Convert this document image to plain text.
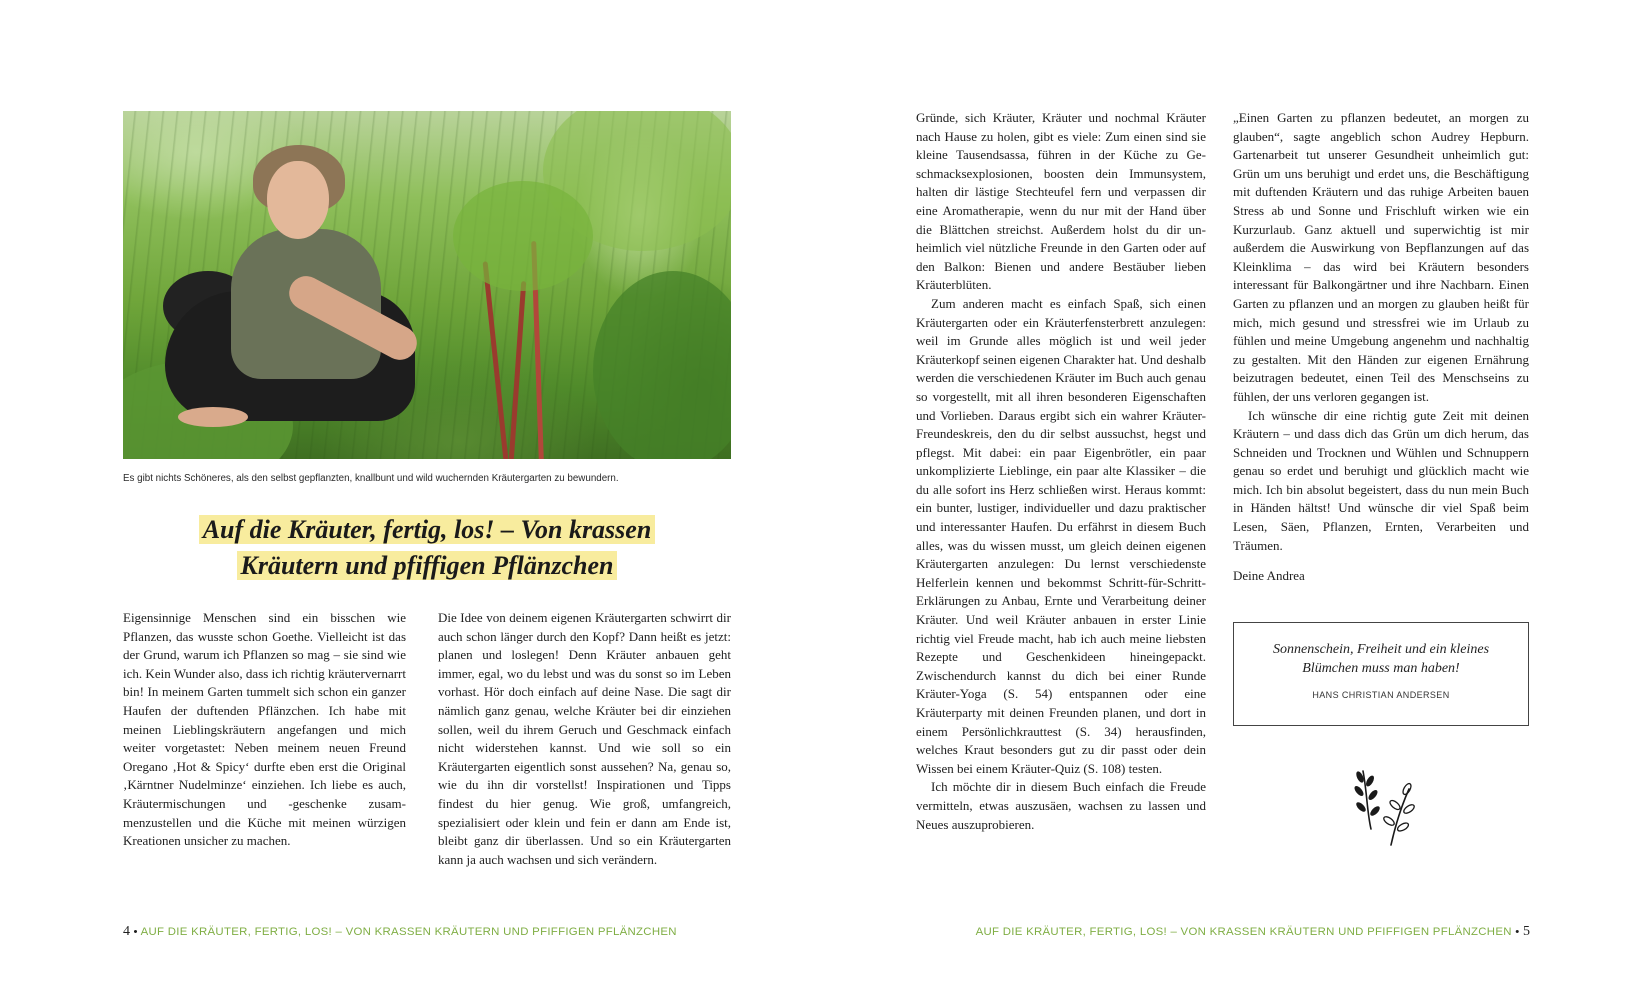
Es gibt nichts Schöneres, als den selbst gepflanzten, knallbunt und wild wuchernden Kräutergarten zu bewundern.
Auf die Kräuter, fertig, los! – Von krassen
Kräutern und pfiffigen Pflänzchen

Eigensinnige Menschen sind ein bisschen wie Pflanzen, das wusste schon Goethe. Vielleicht ist das der Grund, warum ich Pflanzen so mag – sie sind wie ich. Kein Wunder also, dass ich richtig kräutervernarrt bin! In meinem Garten tummelt sich schon ein ganzer Haufen der duftenden Pflänzchen. Ich habe mit meinen Lieblingskräutern angefangen und mich weiter vorgetastet: Neben meinem neuen Freund Oregano ‚Hot & Spicy‘ durfte eben erst die Original ‚Kärntner Nudelminze‘ einziehen. Ich liebe es auch, Kräutermischungen und -geschenke zusammenzustellen und die Küche mit meinen würzigen Kreationen unsicher zu machen.

Die Idee von deinem eigenen Kräutergarten schwirrt dir auch schon länger durch den Kopf? Dann heißt es jetzt: planen und loslegen! Denn Kräuter anbauen geht immer, egal, wo du lebst und was du sonst so im Leben vorhast. Hör doch einfach auf deine Nase. Die sagt dir nämlich ganz genau, welche Kräuter bei dir einziehen sollen, weil du ihrem Geruch und Geschmack einfach nicht widerstehen kannst. Und wie soll so ein Kräutergarten eigentlich sonst aussehen? Na, genau so, wie du ihn dir vorstellst! Inspirationen und Tipps findest du hier genug. Wie groß, umfangreich, spezialisiert oder klein und fein er dann am Ende ist, bleibt ganz dir überlassen. Und so ein Kräutergarten kann ja auch wachsen und sich verändern.

4 • AUF DIE KRÄUTER, FERTIG, LOS! – VON KRASSEN KRÄUTERN UND PFIFFIGEN PFLÄNZCHEN

Gründe, sich Kräuter, Kräuter und nochmal Kräuter nach Hause zu holen, gibt es viele: Zum einen sind sie kleine Tausendsassa, führen in der Küche zu Geschmacksexplosionen, boosten dein Immunsystem, halten dir lästige Stechteufel fern und verpassen dir eine Aromatherapie, wenn du nur mit der Hand über die Blättchen streichst. Außerdem holst du dir unheimlich viel nützliche Freunde in den Garten oder auf den Balkon: Bienen und andere Bestäuber lieben Kräuterblüten.

Zum anderen macht es einfach Spaß, sich einen Kräutergarten oder ein Kräuterfensterbrett anzulegen: weil im Grunde alles möglich ist und weil jeder Kräuterkopf seinen eigenen Charakter hat. Und deshalb werden die verschiedenen Kräuter im Buch auch genau so vorgestellt, mit all ihren besonderen Eigenschaften und Vorlieben. Daraus ergibt sich ein wahrer Kräuter-Freundeskreis, den du dir selbst aussuchst, hegst und pflegst. Mit dabei: ein paar Eigenbrötler, ein paar unkomplizierte Lieblinge, ein paar alte Klassiker – die du alle sofort ins Herz schließen wirst. Heraus kommt: ein bunter, lustiger, individueller und dazu praktischer und interessanter Haufen. Du erfährst in diesem Buch alles, was du wissen musst, um gleich deinen eigenen Kräutergarten anzulegen: Du lernst verschiedenste Helferlein kennen und bekommst Schritt-für-Schritt-Erklärungen zu Anbau, Ernte und Verarbeitung deiner Kräuter. Und weil Kräuter anbauen in erster Linie richtig viel Freude macht, hab ich auch meine liebsten Rezepte und Geschenkideen hineingepackt. Zwischendurch kannst du dich bei einer Runde Kräuter-Yoga (S. 54) entspannen oder eine Kräuterparty mit deinen Freunden planen, und dort in einem Persönlichkrauttest (S. 34) herausfinden, welches Kraut besonders gut zu dir passt oder dein Wissen bei einem Kräuter-Quiz (S. 108) testen.

Ich möchte dir in diesem Buch einfach die Freude vermitteln, etwas auszusäen, wachsen zu lassen und Neues auszuprobieren.

„Einen Garten zu pflanzen bedeutet, an morgen zu glauben“, sagte angeblich schon Audrey Hepburn. Gartenarbeit tut unserer Gesundheit unheimlich gut: Grün um uns beruhigt und erdet uns, die Beschäftigung mit duftenden Kräutern und das ruhige Arbeiten bauen Stress ab und Sonne und Frischluft wirken wie ein Kurzurlaub. Ganz aktuell und superwichtig ist mir außerdem die Auswirkung von Bepflanzungen auf das Kleinklima – das wird bei Kräutern besonders interessant für Balkongärtner und ihre Nachbarn. Einen Garten zu pflanzen und an morgen zu glauben heißt für mich, mich gesund und stressfrei wie im Urlaub zu fühlen und meine Umgebung angenehm und nachhaltig zu gestalten. Mit den Händen zur eigenen Ernährung beizutragen bedeutet, einen Teil des Menschseins zu fühlen, der uns verloren gegangen ist.

Ich wünsche dir eine richtig gute Zeit mit deinen Kräutern – und dass dich das Grün um dich herum, das Schneiden und Trocknen und Wühlen und Schnuppern genau so erdet und beruhigt und glücklich macht wie mich. Ich bin absolut begeistert, dass du nun mein Buch in Händen hältst! Und wünsche dir viel Spaß beim Lesen, Säen, Pflanzen, Ernten, Verarbeiten und Träumen.

Deine Andrea

Sonnenschein, Freiheit und ein kleines Blümchen muss man haben!
HANS CHRISTIAN ANDERSEN
AUF DIE KRÄUTER, FERTIG, LOS! – VON KRASSEN KRÄUTERN UND PFIFFIGEN PFLÄNZCHEN • 5
